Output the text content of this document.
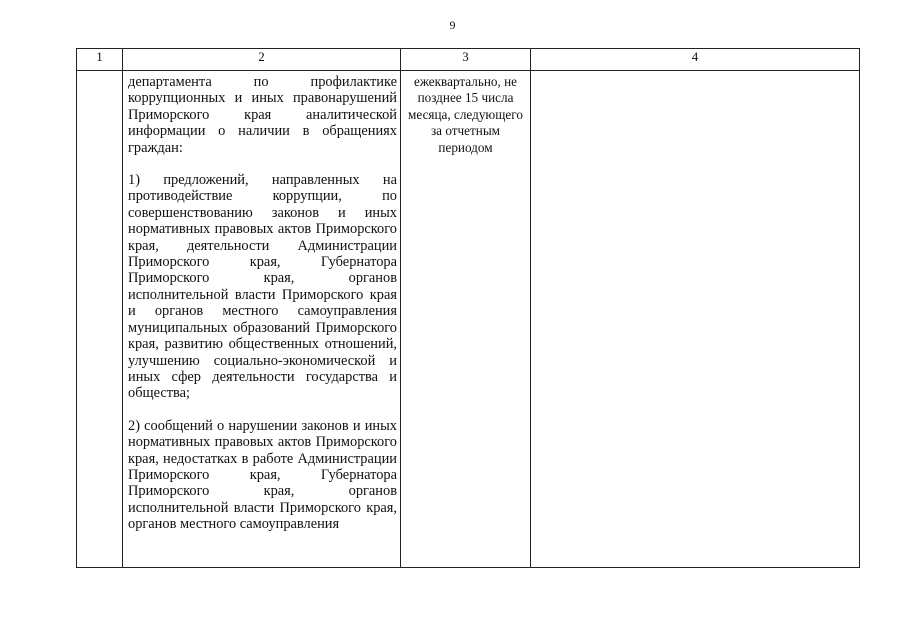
9
1	2	3	4

	департамента по профилактике коррупционных и иных правонарушений Приморского края аналитической информации о наличии в обращениях граждан:

1) предложений, направленных на противодействие коррупции, по совершенствованию законов и иных нормативных правовых актов Приморского края, деятельности Администрации Приморского края, Губернатора Приморского края, органов исполнительной власти Приморского края и органов местного самоуправления муниципальных образований Приморского края, развитию общественных отношений, улучшению социально-экономической и иных сфер деятельности государства и общества;

2) сообщений о нарушении законов и иных нормативных правовых актов Приморского края, недостатках в работе Администрации Приморского края, Губернатора Приморского края, органов исполнительной власти Приморского края, органов местного самоуправления	ежеквартально, не позднее 15 числа месяца, следующего за отчетным периодом	
